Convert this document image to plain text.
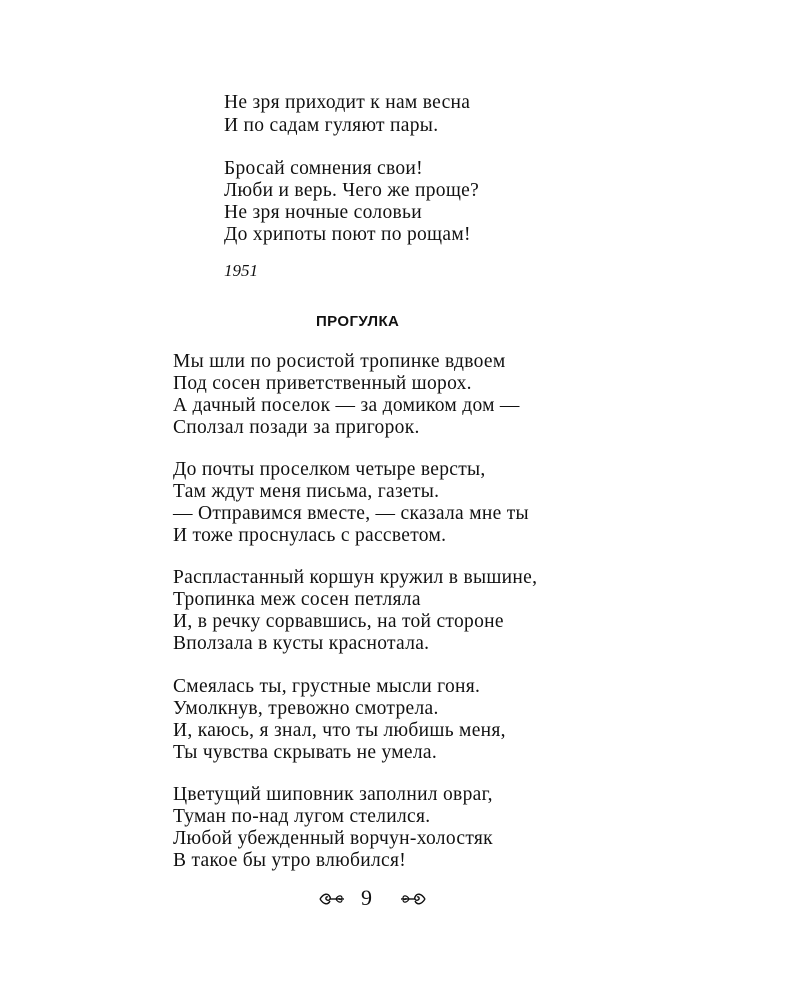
Не зря приходит к нам весна
И по садам гуляют пары.
Бросай сомнения свои!
Люби и верь. Чего же проще?
Не зря ночные соловьи
До хрипоты поют по рощам!
1951
ПРОГУЛКА
Мы шли по росистой тропинке вдвоем
Под сосен приветственный шорох.
А дачный поселок — за домиком дом —
Сползал позади за пригорок.
До почты проселком четыре версты,
Там ждут меня письма, газеты.
— Отправимся вместе, — сказала мне ты
И тоже проснулась с рассветом.
Распластанный коршун кружил в вышине,
Тропинка меж сосен петляла
И, в речку сорвавшись, на той стороне
Вползала в кусты краснотала.
Смеялась ты, грустные мысли гоня.
Умолкнув, тревожно смотрела.
И, каюсь, я знал, что ты любишь меня,
Ты чувства скрывать не умела.
Цветущий шиповник заполнил овраг,
Туман по-над лугом стелился.
Любой убежденный ворчун-холостяк
В такое бы утро влюбился!
9
